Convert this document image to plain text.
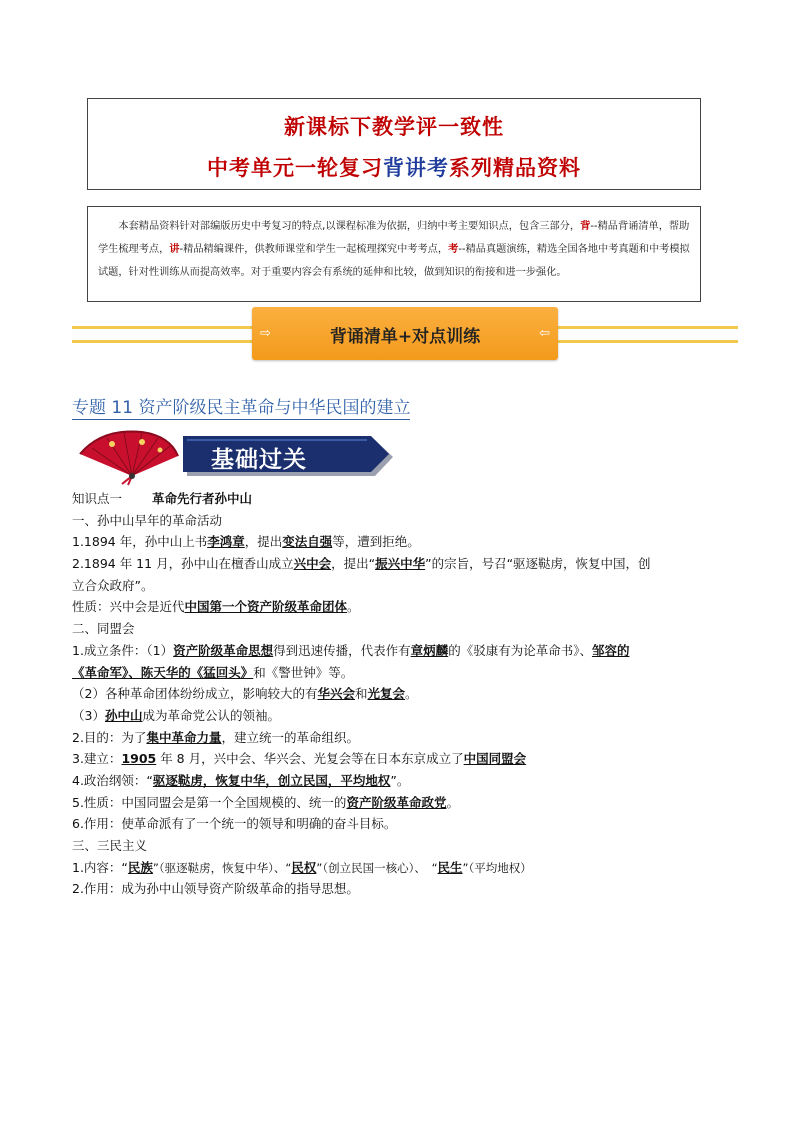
新课标下教学评一致性
中考单元一轮复习背讲考系列精品资料
本套精品资料针对部编版历史中考复习的特点,以课程标准为依据，归纳中考主要知识点，包含三部分，背--精品背诵清单，帮助学生梳理考点，讲-精品精编课件，供教师课堂和学生一起梳理探究中考考点，考--精品真题演练，精选全国各地中考真题和中考模拟试题，针对性训练从而提高效率。对于重要内容会有系统的延伸和比较，做到知识的衔接和进一步强化。
⇨	背诵清单+对点训练	⇦
专题 11 资产阶级民主革命与中华民国的建立
基础过关
知识点一 革命先行者孙中山
一、孙中山早年的革命活动
1.1894 年，孙中山上书李鸿章，提出变法自强等，遭到拒绝。
2.1894 年 11 月，孙中山在檀香山成立兴中会，提出“振兴中华”的宗旨，号召“驱逐鞑虏，恢复中国，创
立合众政府”。
性质：兴中会是近代中国第一个资产阶级革命团体。
二、同盟会
1.成立条件：（1）资产阶级革命思想得到迅速传播，代表作有章炳麟的《驳康有为论革命书》、邹容的
《革命军》、陈天华的《猛回头》和《警世钟》等。
（2）各种革命团体纷纷成立，影响较大的有华兴会和光复会。
（3）孙中山成为革命党公认的领袖。
2.目的：为了集中革命力量，建立统一的革命组织。
3.建立：1905 年 8 月，兴中会、华兴会、光复会等在日本东京成立了中国同盟会
4.政治纲领：“驱逐鞑虏，恢复中华，创立民国，平均地权”。
5.性质：中国同盟会是第一个全国规模的、统一的资产阶级革命政党。
6.作用：使革命派有了一个统一的领导和明确的奋斗目标。
三、三民主义
1.内容：“民族”（驱逐鞑虏，恢复中华）、“民权”（创立民国一核心）、　“民生”（平均地权）
2.作用：成为孙中山领导资产阶级革命的指导思想。
